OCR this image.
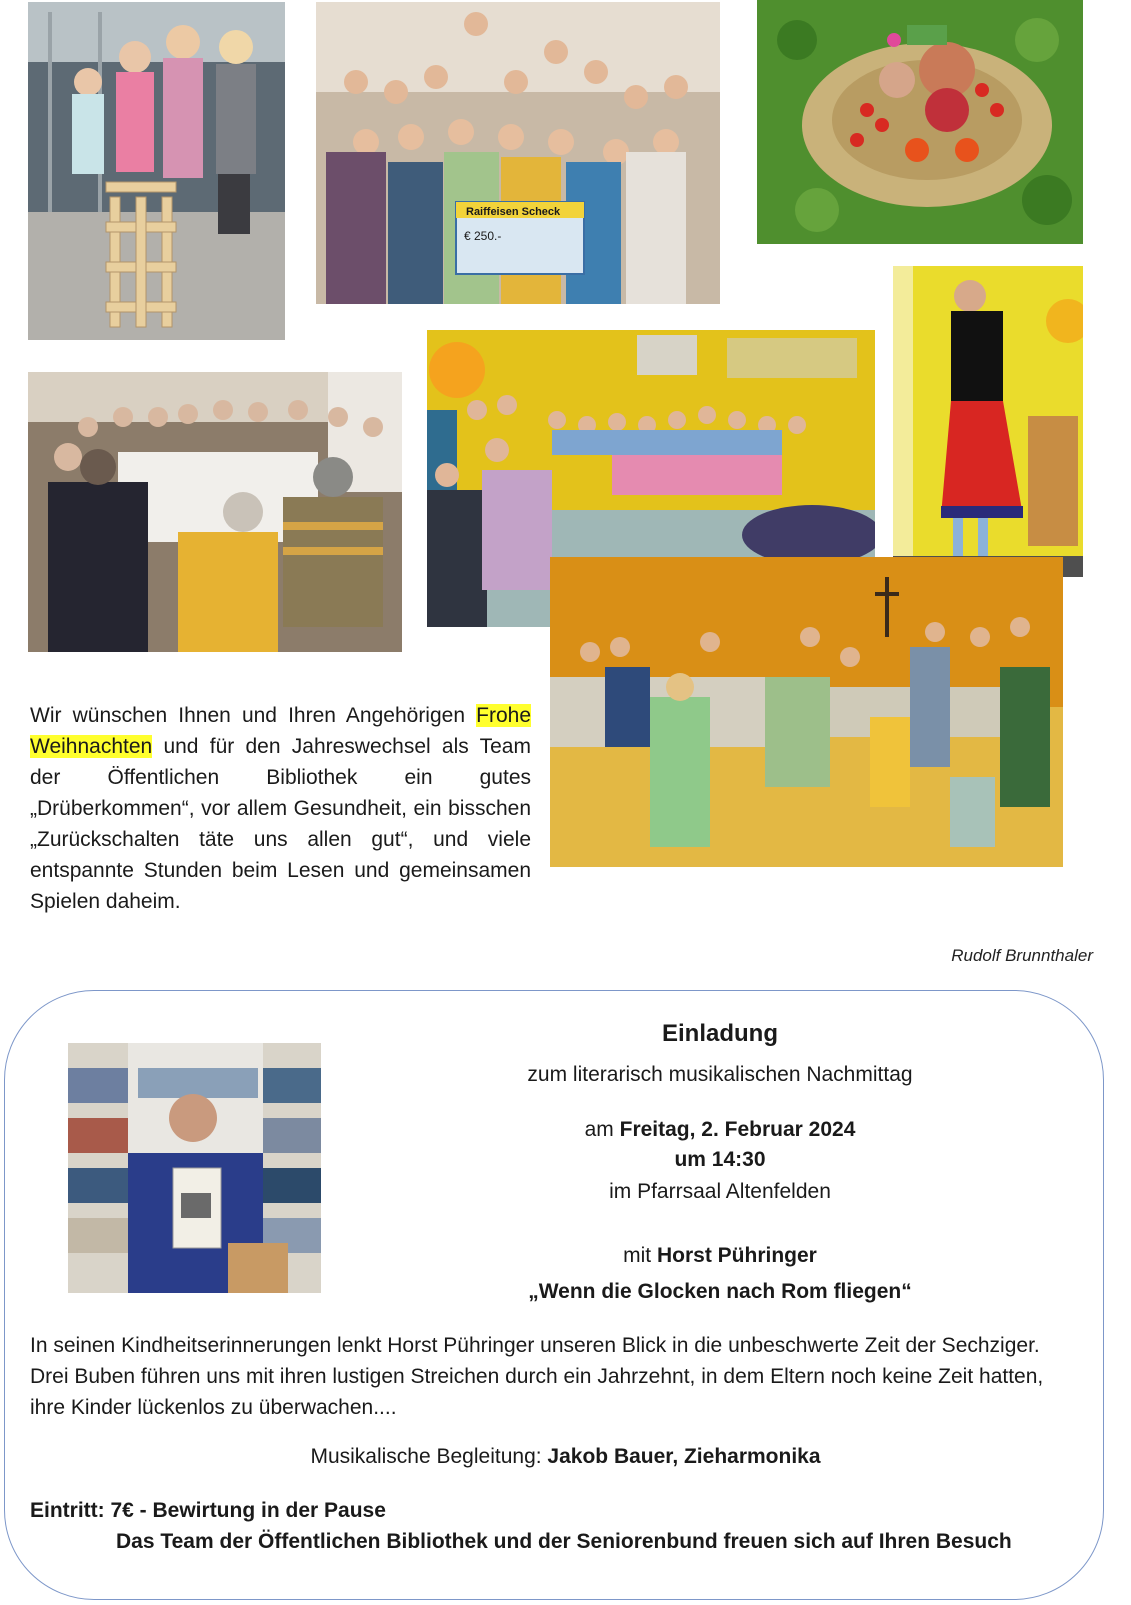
Raiffeisen Scheck
€ 250.-
Wir wünschen Ihnen und Ihren Angehörigen Frohe Weihnachten und für den Jahreswechsel als Team der Öffentlichen Bibliothek ein gutes „Drüberkommen“, vor allem Gesundheit, ein bisschen „Zurückschalten täte uns allen gut“, und viele entspannte Stunden beim Lesen und gemeinsamen Spielen daheim.
Rudolf Brunnthaler
Einladung
zum literarisch musikalischen Nachmittag
am Freitag, 2. Februar 2024
um 14:30
im Pfarrsaal Altenfelden
mit Horst Pühringer
„Wenn die Glocken nach Rom fliegen“
In seinen Kindheitserinnerungen lenkt Horst Pühringer unseren Blick in die unbeschwerte Zeit der Sechziger. Drei Buben führen uns mit ihren lustigen Streichen durch ein Jahrzehnt, in dem Eltern noch keine Zeit hatten, ihre Kinder lückenlos zu überwachen....
Musikalische Begleitung: Jakob Bauer, Zieharmonika
Eintritt: 7€ - Bewirtung in der Pause
Das Team der Öffentlichen Bibliothek und der Seniorenbund freuen sich auf Ihren Besuch
